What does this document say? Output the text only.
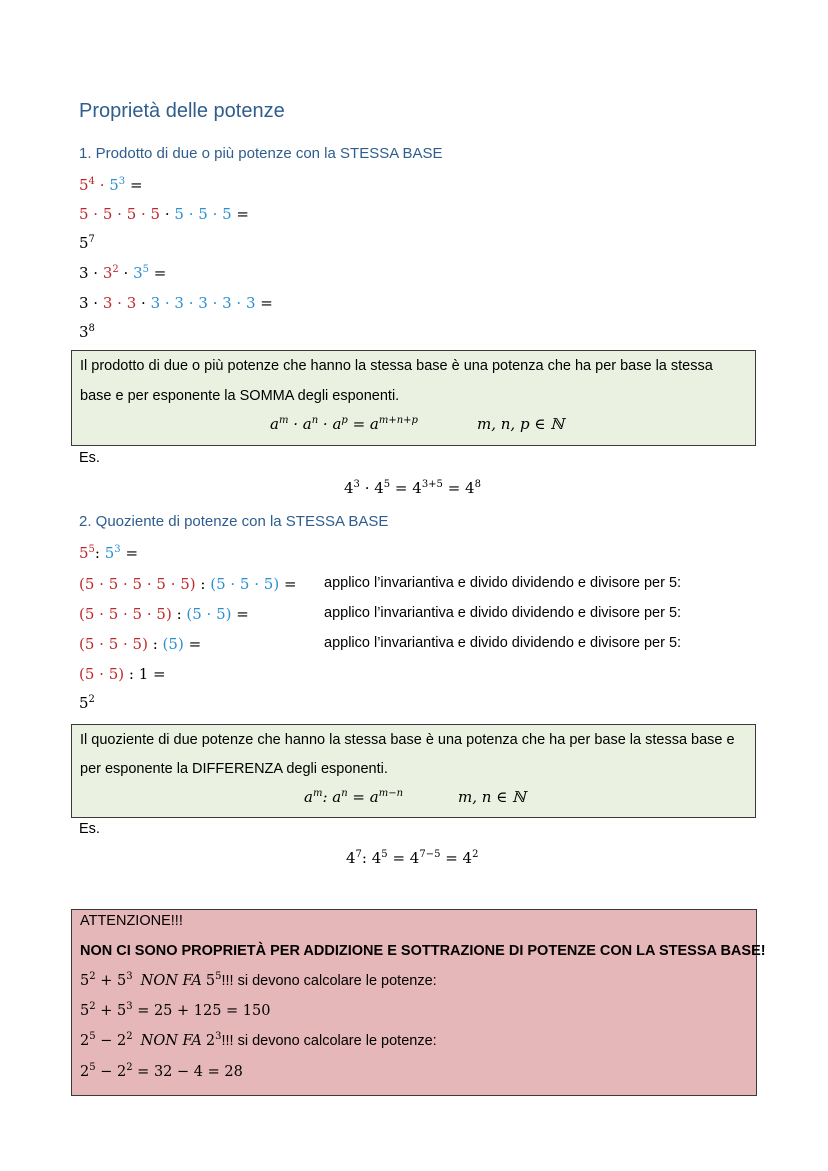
Proprietà delle potenze
1. Prodotto di due o più potenze con la STESSA BASE
$5^4 \cdot 5^3$ =
5 · 5 · 5 · 5 · 5 · 5 · 5 =
$5^7$
$3 \cdot 3^2 \cdot 3^5$ =
3 · 3 · 3 · 3 · 3 · 3 · 3 · 3 =
$3^8$
Il prodotto di due o più potenze che hanno la stessa base è una potenza che ha per base la stessa
base e per esponente la SOMMA degli esponenti.
$a^m \cdot a^n \cdot a^p = a^{m+n+p}$	m, n, p ∈ ℕ
Es.
$4^3 \cdot 4^5 = 4^{3+5} = 4^8$
2. Quoziente di potenze con la STESSA BASE
$5^5$: $5^3$ =
(5 · 5 · 5 · 5 · 5) : (5 · 5 · 5) = applico l’invariantiva e divido dividendo e divisore per 5:
(5 · 5 · 5 · 5) : (5 · 5) =	applico l’invariantiva e divido dividendo e divisore per 5:
(5 · 5 · 5) : (5) =	applico l’invariantiva e divido dividendo e divisore per 5:
(5 · 5) : 1 =
$5^2$
Il quoziente di due potenze che hanno la stessa base è una potenza che ha per base la stessa base e
per esponente la DIFFERENZA degli esponenti.
$a^m$: $a^n = a^{m-n}$	m, n ∈ ℕ
Es.
$4^7$: $4^5 = 4^{7-5} = 4^2$
ATTENZIONE!!!
NON CI SONO PROPRIETÀ PER ADDIZIONE E SOTTRAZIONE DI POTENZE CON LA STESSA BASE!
$5^2 + 5^3$ NON FA $5^5$!!! si devono calcolare le potenze:
$5^2 + 5^3 = 25 + 125 = 150$
$2^5 - 2^2$ NON FA $2^3$!!! si devono calcolare le potenze:
$2^5 - 2^2 = 32 - 4 = 28$
